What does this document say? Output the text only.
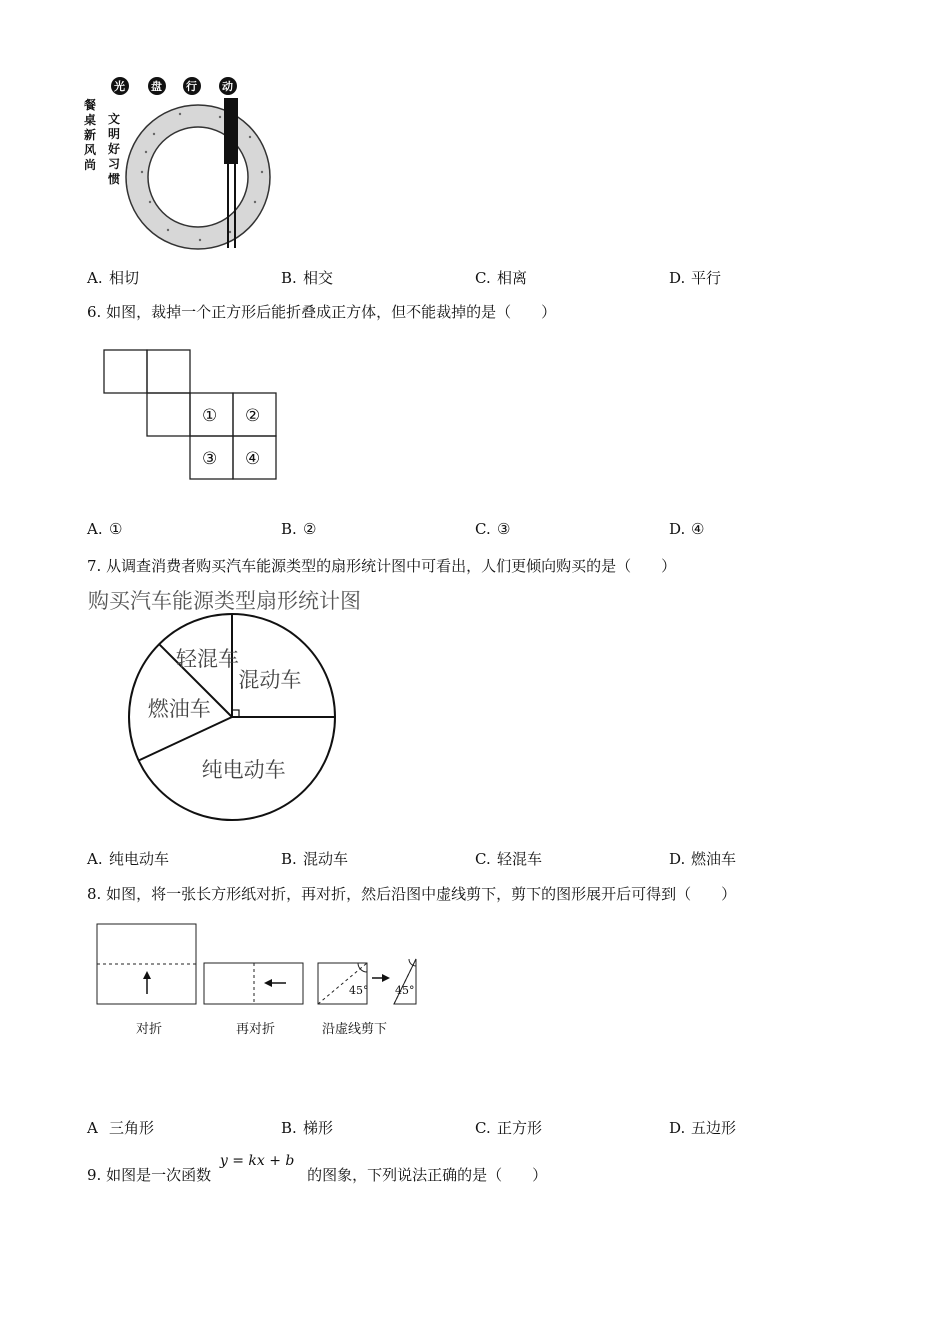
光 盘 行 动
餐桌新风尚
文明好习惯
A. 相切	B. 相交	C. 相离	D. 平行
6. 如图，裁掉一个正方形后能折叠成正方体，但不能裁掉的是（　　）
① ②
③ ④
A. ①	B. ②	C. ③	D. ④
7. 从调查消费者购买汽车能源类型的扇形统计图中可看出，人们更倾向购买的是（　　）
购买汽车能源类型扇形统计图
混动车
纯电动车
燃油车
轻混车
A. 纯电动车	B. 混动车	C. 轻混车	D. 燃油车
8. 如图，将一张长方形纸对折，再对折，然后沿图中虚线剪下，剪下的图形展开后可得到（　　）
45° 45°
对折	再对折	沿虚线剪下
A 三角形	B. 梯形	C. 正方形	D. 五边形
9. 如图是一次函数 y = kx + b 的图象，下列说法正确的是（　　）
